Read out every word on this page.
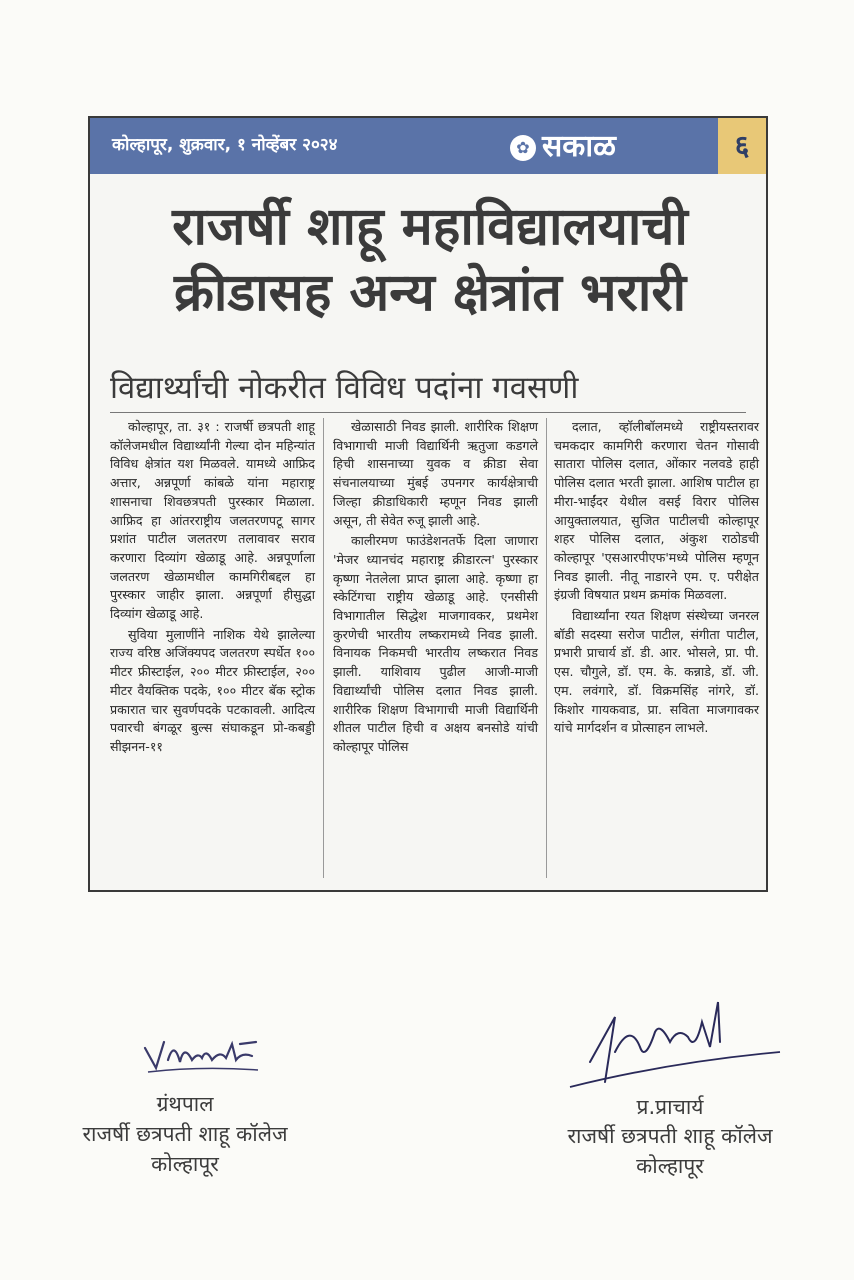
कोल्हापूर, शुक्रवार, १ नोव्हेंबर २०२४	✿ सकाळ	६
राजर्षी शाहू महाविद्यालयाची
क्रीडासह अन्य क्षेत्रांत भरारी
विद्यार्थ्यांची नोकरीत विविध पदांना गवसणी

कोल्हापूर, ता. ३१ : राजर्षी छत्रपती शाहू कॉलेजमधील विद्यार्थ्यांनी गेल्या दोन महिन्यांत विविध क्षेत्रांत यश मिळवले. यामध्ये आफ्रिद अत्तार, अन्नपूर्णा कांबळे यांना महाराष्ट्र शासनाचा शिवछत्रपती पुरस्कार मिळाला. आफ्रिद हा आंतरराष्ट्रीय जलतरणपटू सागर प्रशांत पाटील जलतरण तलावावर सराव करणारा दिव्यांग खेळाडू आहे. अन्नपूर्णाला जलतरण खेळामधील कामगिरीबद्दल हा पुरस्कार जाहीर झाला. अन्नपूर्णा हीसुद्धा दिव्यांग खेळाडू आहे.

सुविया मुलाणींने नाशिक येथे झालेल्या राज्य वरिष्ठ अजिंक्यपद जलतरण स्पर्धेत १०० मीटर फ्रीस्टाईल, २०० मीटर फ्रीस्टाईल, २०० मीटर वैयक्तिक पदके, १०० मीटर बॅक स्ट्रोक प्रकारात चार सुवर्णपदके पटकावली. आदित्य पवारची बंगळूर बुल्स संघाकडून प्रो-कबड्डी सीझनन-११

खेळासाठी निवड झाली. शारीरिक शिक्षण विभागाची माजी विद्यार्थिनी ऋतुजा कडगले हिची शासनाच्या युवक व क्रीडा सेवा संचनालयाच्या मुंबई उपनगर कार्यक्षेत्राची जिल्हा क्रीडाधिकारी म्हणून निवड झाली असून, ती सेवेत रुजू झाली आहे.

कालीरमण फाउंडेशनतर्फे दिला जाणारा 'मेजर ध्यानचंद महाराष्ट्र क्रीडारत्न' पुरस्कार कृष्णा नेतलेला प्राप्त झाला आहे. कृष्णा हा स्केटिंगचा राष्ट्रीय खेळाडू आहे. एनसीसी विभागातील सिद्धेश माजगावकर, प्रथमेश कुरणेची भारतीय लष्करामध्ये निवड झाली. विनायक निकमची भारतीय लष्करात निवड झाली. याशिवाय पुढील आजी-माजी विद्यार्थ्यांची पोलिस दलात निवड झाली. शारीरिक शिक्षण विभागाची माजी विद्यार्थिनी शीतल पाटील हिची व अक्षय बनसोडे यांची कोल्हापूर पोलिस

दलात, व्हॉलीबॉलमध्ये राष्ट्रीयस्तरावर चमकदार कामगिरी करणारा चेतन गोसावी सातारा पोलिस दलात, ओंकार नलवडे हाही पोलिस दलात भरती झाला. आशिष पाटील हा मीरा-भाईंदर येथील वसई विरार पोलिस आयुक्तालयात, सुजित पाटीलची कोल्हापूर शहर पोलिस दलात, अंकुश राठोडची कोल्हापूर 'एसआरपीएफ'मध्ये पोलिस म्हणून निवड झाली. नीतू नाडारने एम. ए. परीक्षेत इंग्रजी विषयात प्रथम क्रमांक मिळवला.

विद्यार्थ्यांना रयत शिक्षण संस्थेच्या जनरल बॉडी सदस्या सरोज पाटील, संगीता पाटील, प्रभारी प्राचार्य डॉ. डी. आर. भोसले, प्रा. पी. एस. चौगुले, डॉ. एम. के. कन्नाडे, डॉ. जी. एम. लवंगारे, डॉ. विक्रमसिंह नांगरे, डॉ. किशोर गायकवाड, प्रा. सविता माजगावकर यांचे मार्गदर्शन व प्रोत्साहन लाभले.

ग्रंथपाल
राजर्षी छत्रपती शाहू कॉलेज
कोल्हापूर
प्र.प्राचार्य
राजर्षी छत्रपती शाहू कॉलेज
कोल्हापूर
